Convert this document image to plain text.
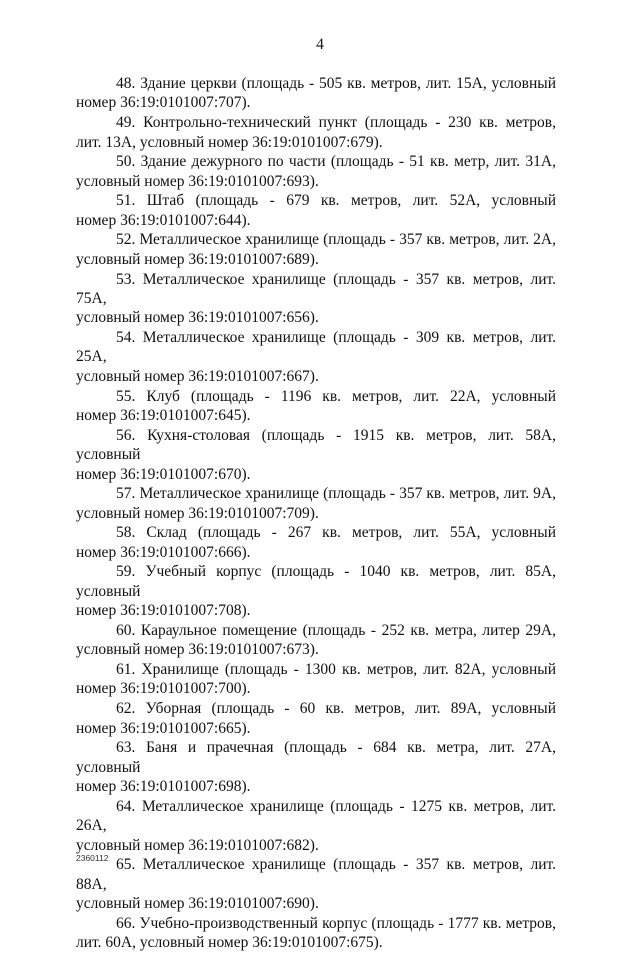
4
48. Здание церкви (площадь - 505 кв. метров, лит. 15А, условный
номер 36:19:0101007:707).
49. Контрольно-технический пункт (площадь - 230 кв. метров,
лит. 13А, условный номер 36:19:0101007:679).
50. Здание дежурного по части (площадь - 51 кв. метр, лит. 31А,
условный номер 36:19:0101007:693).
51. Штаб (площадь - 679 кв. метров, лит. 52А, условный
номер 36:19:0101007:644).
52. Металлическое хранилище (площадь - 357 кв. метров, лит. 2А,
условный номер 36:19:0101007:689).
53. Металлическое хранилище (площадь - 357 кв. метров, лит. 75А,
условный номер 36:19:0101007:656).
54. Металлическое хранилище (площадь - 309 кв. метров, лит. 25А,
условный номер 36:19:0101007:667).
55. Клуб (площадь - 1196 кв. метров, лит. 22А, условный
номер 36:19:0101007:645).
56. Кухня-столовая (площадь - 1915 кв. метров, лит. 58А, условный
номер 36:19:0101007:670).
57. Металлическое хранилище (площадь - 357 кв. метров, лит. 9А,
условный номер 36:19:0101007:709).
58. Склад (площадь - 267 кв. метров, лит. 55А, условный
номер 36:19:0101007:666).
59. Учебный корпус (площадь - 1040 кв. метров, лит. 85А, условный
номер 36:19:0101007:708).
60. Караульное помещение (площадь - 252 кв. метра, литер 29А,
условный номер 36:19:0101007:673).
61. Хранилище (площадь - 1300 кв. метров, лит. 82А, условный
номер 36:19:0101007:700).
62. Уборная (площадь - 60 кв. метров, лит. 89А, условный
номер 36:19:0101007:665).
63. Баня и прачечная (площадь - 684 кв. метра, лит. 27А, условный
номер 36:19:0101007:698).
64. Металлическое хранилище (площадь - 1275 кв. метров, лит. 26А,
условный номер 36:19:0101007:682).
65. Металлическое хранилище (площадь - 357 кв. метров, лит. 88А,
условный номер 36:19:0101007:690).
66. Учебно-производственный корпус (площадь - 1777 кв. метров,
лит. 60А, условный номер 36:19:0101007:675).
2360112
